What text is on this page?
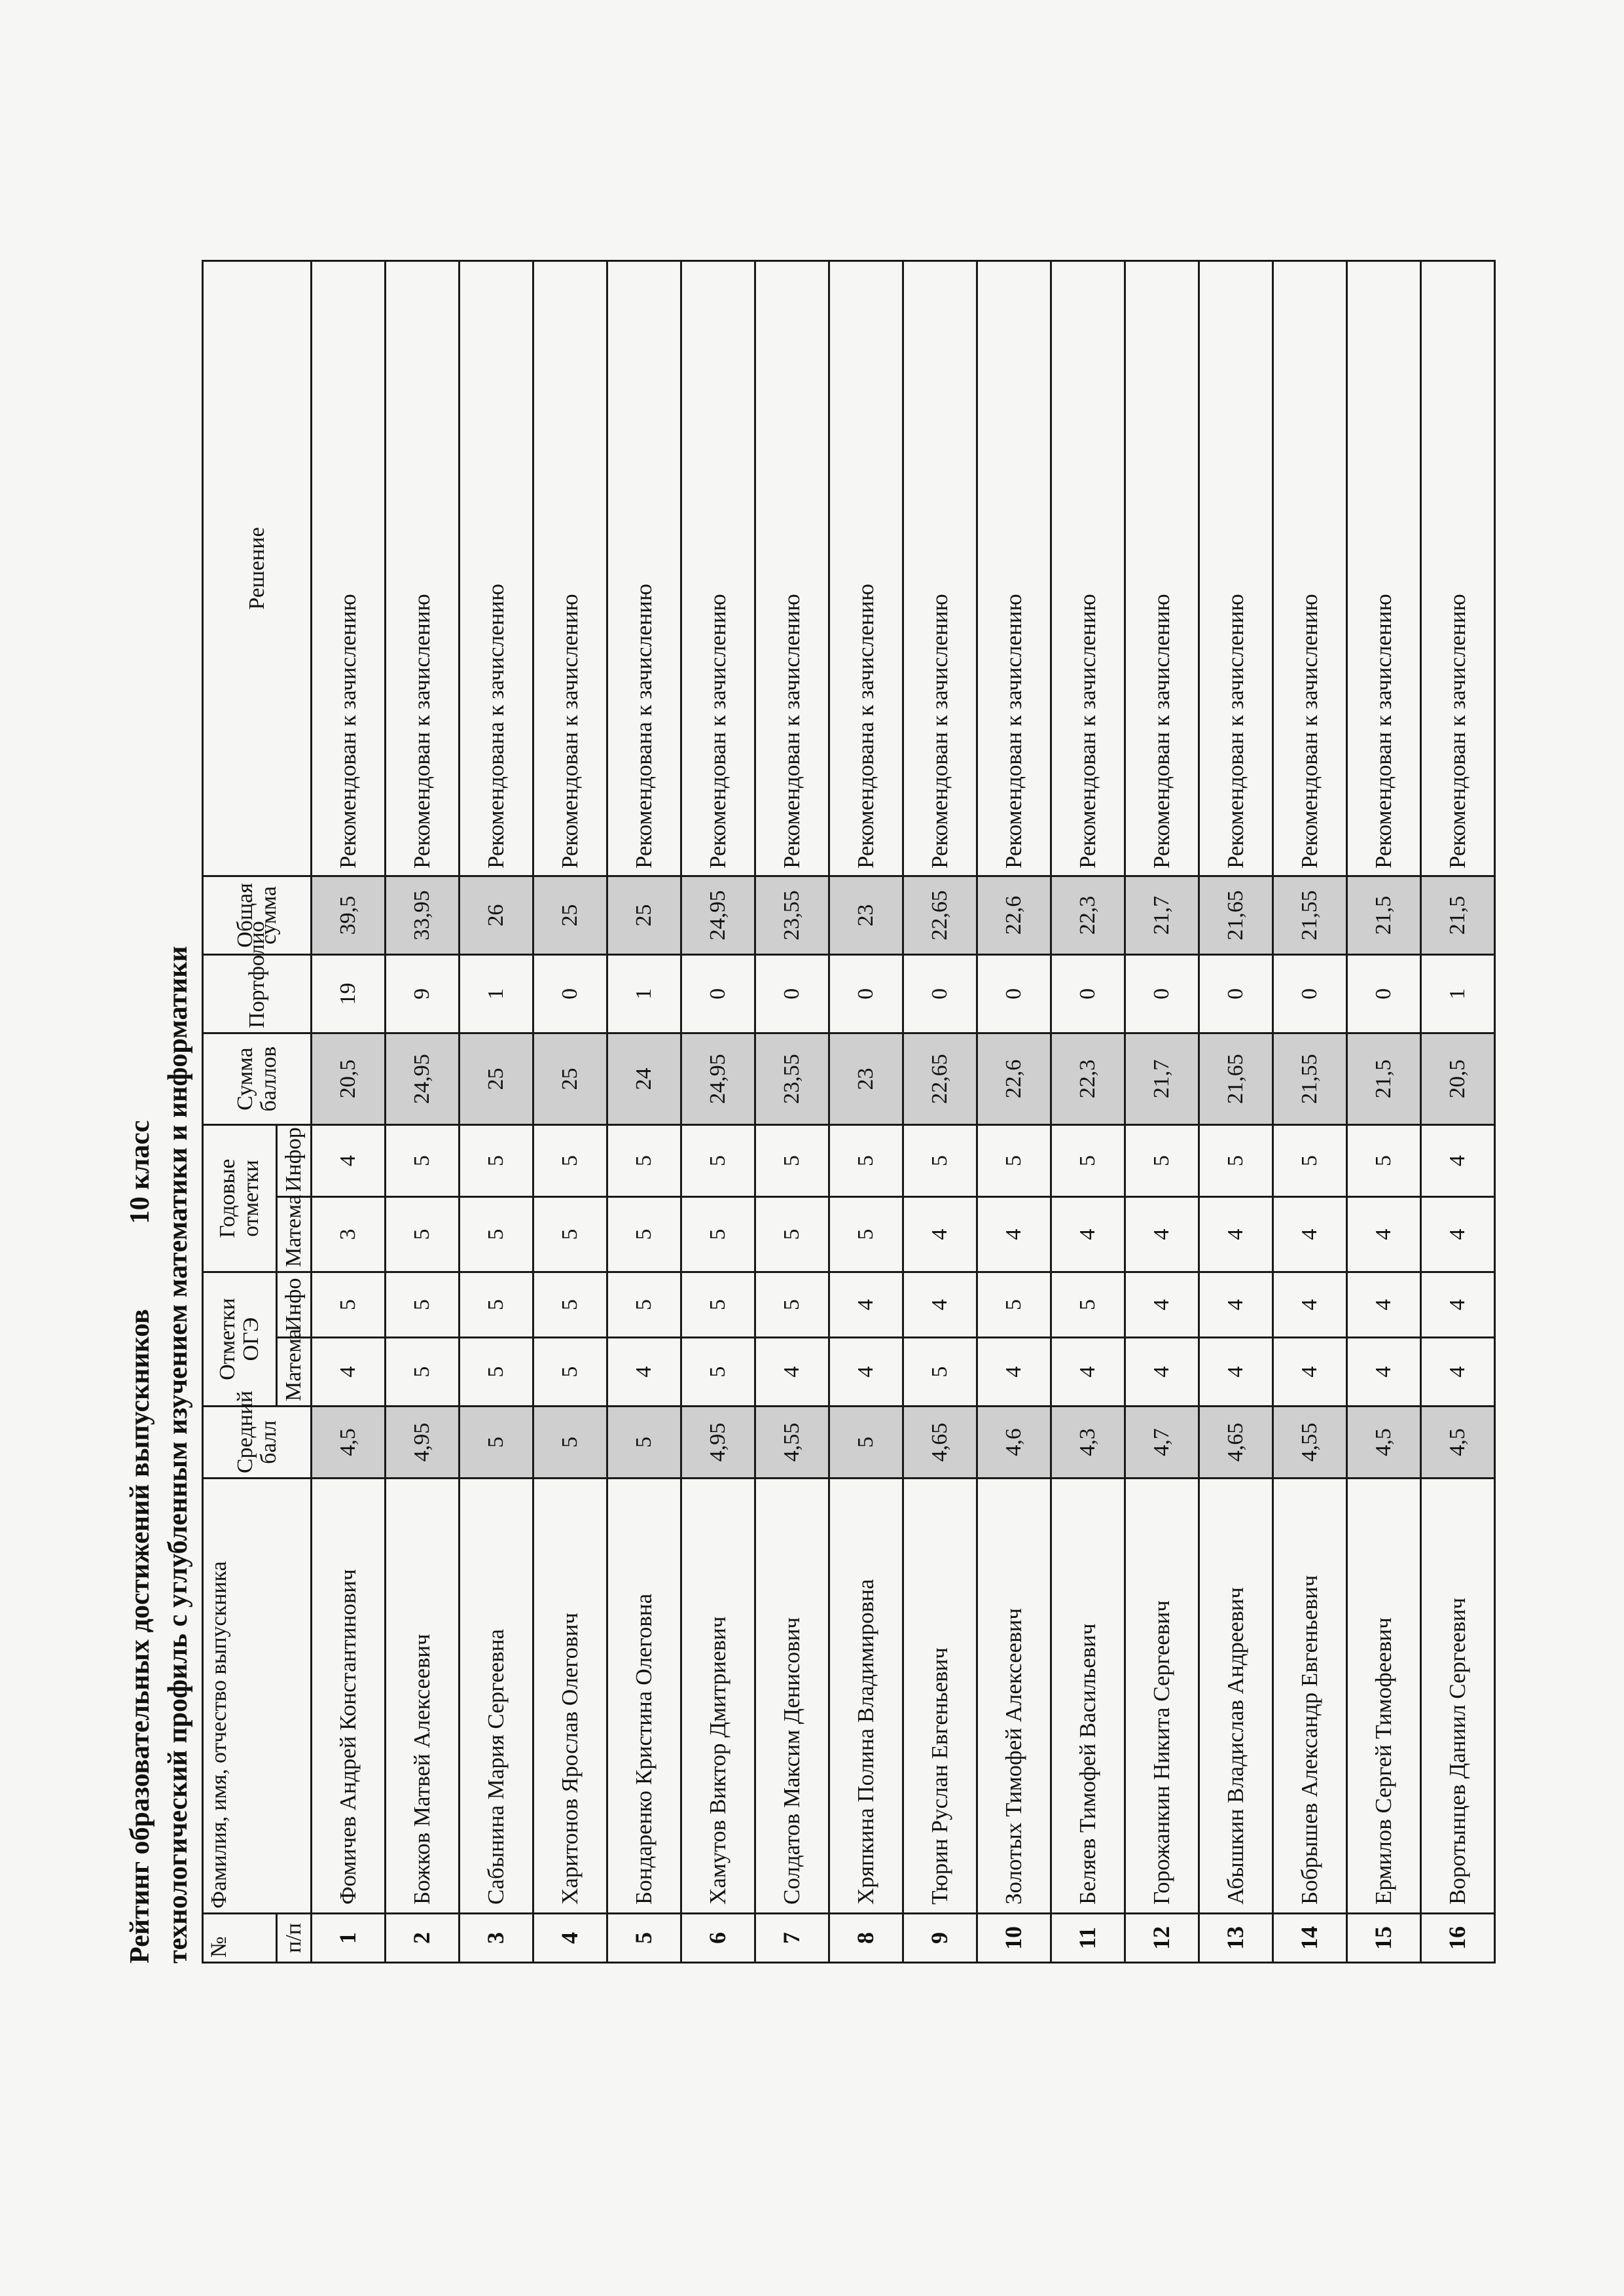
Рейтинг образовательных достижений выпускников10 класс технологический профиль с углубленным изучением математики и информатики №	Фамилия, имя, отчество выпускника	Средний балл	Отметки ОГЭ		Годовые отметки		Сумма баллов	Портфолио	Общая сумма	Решение
п/п			Матема	Инфо	Матема	Инфор				
1	Фомичев Андрей Константинович	4,5	4	5	3	4	20,5	19	39,5	Рекомендован к зачислению
2	Божков Матвей Алексеевич	4,95	5	5	5	5	24,95	9	33,95	Рекомендован к зачислению
3	Сабынина Мария Сергеевна	5	5	5	5	5	25	1	26	Рекомендована к зачислению
4	Харитонов Ярослав Олегович	5	5	5	5	5	25	0	25	Рекомендован к зачислению
5	Бондаренко Кристина Олеговна	5	4	5	5	5	24	1	25	Рекомендована к зачислению
6	Хамутов Виктор Дмитриевич	4,95	5	5	5	5	24,95	0	24,95	Рекомендован к зачислению
7	Солдатов Максим Денисович	4,55	4	5	5	5	23,55	0	23,55	Рекомендован к зачислению
8	Хряпкина Полина Владимировна	5	4	4	5	5	23	0	23	Рекомендована к зачислению
9	Тюрин Руслан Евгеньевич	4,65	5	4	4	5	22,65	0	22,65	Рекомендован к зачислению
10	Золотых Тимофей Алексеевич	4,6	4	5	4	5	22,6	0	22,6	Рекомендован к зачислению
11	Беляев Тимофей Васильевич	4,3	4	5	4	5	22,3	0	22,3	Рекомендован к зачислению
12	Горожанкин Никита Сергеевич	4,7	4	4	4	5	21,7	0	21,7	Рекомендован к зачислению
13	Абышкин Владислав Андреевич	4,65	4	4	4	5	21,65	0	21,65	Рекомендован к зачислению
14	Бобрышев Александр Евгеньевич	4,55	4	4	4	5	21,55	0	21,55	Рекомендован к зачислению
15	Ермилов Сергей Тимофеевич	4,5	4	4	4	5	21,5	0	21,5	Рекомендован к зачислению
16	Воротынцев Даниил Сергеевич	4,5	4	4	4	4	20,5	1	21,5	Рекомендован к зачислению
